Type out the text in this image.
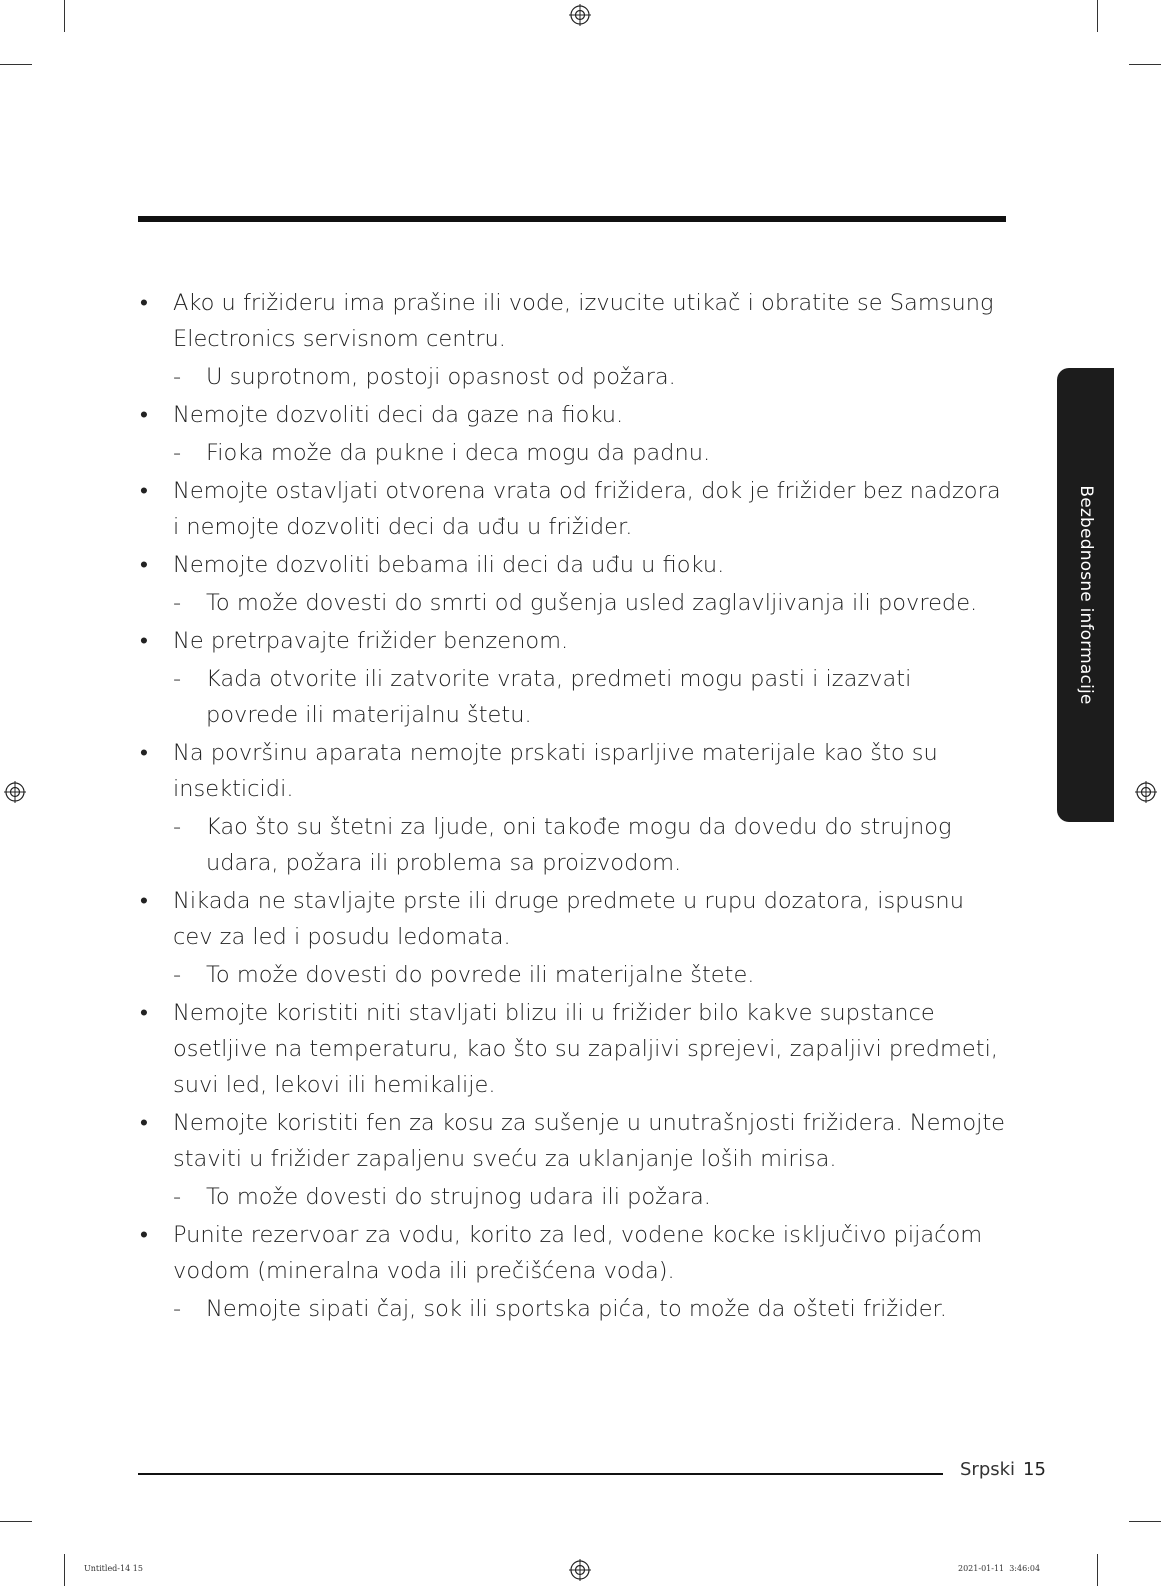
Bezbednosne informacije

• Ako u frižideru ima prašine ili vode, izvucite utikač i obratite se Samsung Electronics servisnom centru.

- U suprotnom, postoji opasnost od požara.

• Nemojte dozvoliti deci da gaze na fioku.

- Fioka može da pukne i deca mogu da padnu.

• Nemojte ostavljati otvorena vrata od frižidera, dok je frižider bez nadzora i nemojte dozvoliti deci da uđu u frižider.

• Nemojte dozvoliti bebama ili deci da uđu u fioku.

- To može dovesti do smrti od gušenja usled zaglavljivanja ili povrede.

• Ne pretrpavajte frižider benzenom.

- Kada otvorite ili zatvorite vrata, predmeti mogu pasti i izazvati povrede ili materijalnu štetu.

• Na površinu aparata nemojte prskati isparljive materijale kao što su insekticidi.

- Kao što su štetni za ljude, oni takođe mogu da dovedu do strujnog udara, požara ili problema sa proizvodom.

• Nikada ne stavljajte prste ili druge predmete u rupu dozatora, ispusnu cev za led i posudu ledomata.

- To može dovesti do povrede ili materijalne štete.

• Nemojte koristiti niti stavljati blizu ili u frižider bilo kakve supstance osetljive na temperaturu, kao što su zapaljivi sprejevi, zapaljivi predmeti, suvi led, lekovi ili hemikalije.

• Nemojte koristiti fen za kosu za sušenje u unutrašnjosti frižidera. Nemojte staviti u frižider zapaljenu sveću za uklanjanje loših mirisa.

- To može dovesti do strujnog udara ili požara.

• Punite rezervoar za vodu, korito za led, vodene kocke isključivo pijaćom vodom (mineralna voda ili prečišćena voda).

- Nemojte sipati čaj, sok ili sportska pića, to može da ošteti frižider.

Srpski 15
Untitled-14 15	2021-01-11 ￼ 3:46:04
